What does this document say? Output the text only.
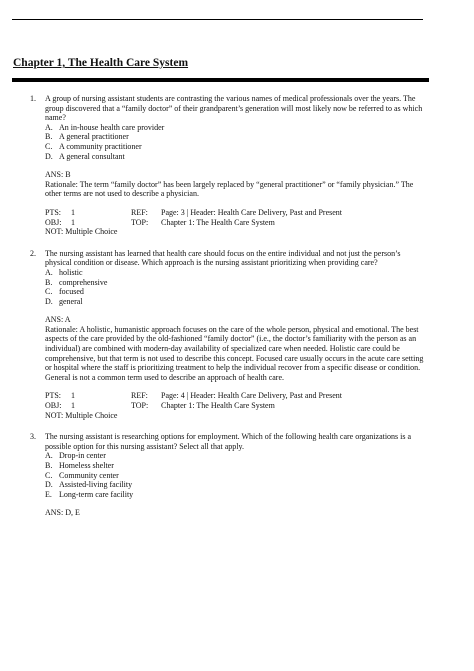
Chapter 1, The Health Care System
1. A group of nursing assistant students are contrasting the various names of medical professionals over the years. The group discovered that a “family doctor” of their grandparent’s generation will most likely now be referred to as which name?

A. An in-house health care provider
B. A general practitioner
C. A community practitioner
D. A general consultant

ANS: B

Rationale: The term “family doctor” has been largely replaced by “general practitioner” or “family physician.” The other terms are not used to describe a physician.

PTS:	1	REF:	Page: 3 | Header: Health Care Delivery, Past and Present
OBJ:	1	TOP:	Chapter 1: The Health Care System

NOT: Multiple Choice

2. The nursing assistant has learned that health care should focus on the entire individual and not just the person’s physical condition or disease. Which approach is the nursing assistant prioritizing when providing care?

A. holistic
B. comprehensive
C. focused
D. general

ANS: A

Rationale: A holistic, humanistic approach focuses on the care of the whole person, physical and emotional. The best aspects of the care provided by the old-fashioned “family doctor” (i.e., the doctor’s familiarity with the person as an individual) are combined with modern-day availability of specialized care when needed. Holistic care could be comprehensive, but that term is not used to describe this concept. Focused care usually occurs in the acute care setting or hospital where the staff is prioritizing treatment to help the individual recover from a specific disease or condition. General is not a common term used to describe an approach of health care.

PTS:	1	REF:	Page: 4 | Header: Health Care Delivery, Past and Present
OBJ:	1	TOP:	Chapter 1: The Health Care System

NOT: Multiple Choice

3. The nursing assistant is researching options for employment. Which of the following health care organizations is a possible option for this nursing assistant? Select all that apply.

A. Drop-in center
B. Homeless shelter
C. Community center
D. Assisted-living facility
E. Long-term care facility

ANS: D, E
